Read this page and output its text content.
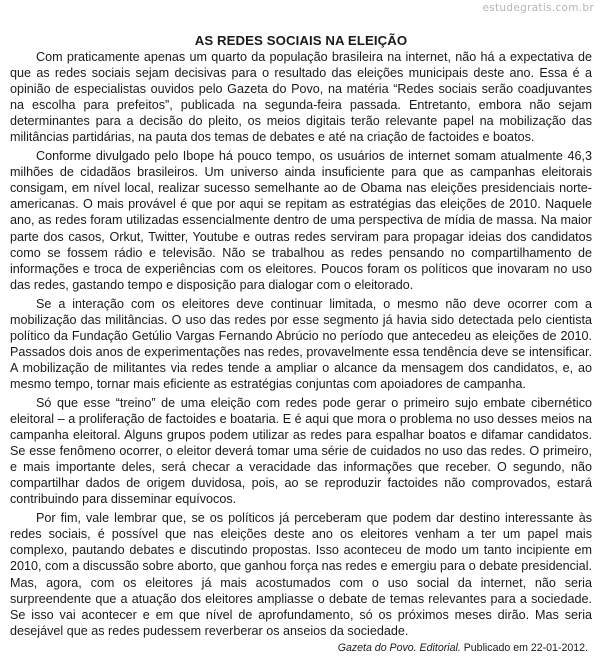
estudegratis.com.br
AS REDES SOCIAIS NA ELEIÇÃO

Com praticamente apenas um quarto da população brasileira na internet, não há a expectativa de que as redes sociais sejam decisivas para o resultado das eleições municipais deste ano. Essa é a opinião de especialistas ouvidos pelo Gazeta do Povo, na matéria “Redes sociais serão coadjuvantes na escolha para prefeitos”, publicada na segunda-feira passada. Entretanto, embora não sejam determinantes para a decisão do pleito, os meios digitais terão relevante papel na mobilização das militâncias partidárias, na pauta dos temas de debates e até na criação de factoides e boatos.

Conforme divulgado pelo Ibope há pouco tempo, os usuários de internet somam atualmente 46,3 milhões de cidadãos brasileiros. Um universo ainda insuficiente para que as campanhas eleitorais consigam, em nível local, realizar sucesso semelhante ao de Obama nas eleições presidenciais norte-americanas. O mais provável é que por aqui se repitam as estratégias das eleições de 2010. Naquele ano, as redes foram utilizadas essencialmente dentro de uma perspectiva de mídia de massa. Na maior parte dos casos, Orkut, Twitter, Youtube e outras redes serviram para propagar ideias dos candidatos como se fossem rádio e televisão. Não se trabalhou as redes pensando no compartilhamento de informações e troca de experiências com os eleitores. Poucos foram os políticos que inovaram no uso das redes, gastando tempo e disposição para dialogar com o eleitorado.

Se a interação com os eleitores deve continuar limitada, o mesmo não deve ocorrer com a mobilização das militâncias. O uso das redes por esse segmento já havia sido detectada pelo cientista político da Fundação Getúlio Vargas Fernando Abrúcio no período que antecedeu as eleições de 2010. Passados dois anos de experimentações nas redes, provavelmente essa tendência deve se intensificar. A mobilização de militantes via redes tende a ampliar o alcance da mensagem dos candidatos, e, ao mesmo tempo, tornar mais eficiente as estratégias conjuntas com apoiadores de campanha.

Só que esse “treino” de uma eleição com redes pode gerar o primeiro sujo embate cibernético eleitoral – a proliferação de factoides e boataria. E é aqui que mora o problema no uso desses meios na campanha eleitoral. Alguns grupos podem utilizar as redes para espalhar boatos e difamar candidatos. Se esse fenômeno ocorrer, o eleitor deverá tomar uma série de cuidados no uso das redes. O primeiro, e mais importante deles, será checar a veracidade das informações que receber. O segundo, não compartilhar dados de origem duvidosa, pois, ao se reproduzir factoides não comprovados, estará contribuindo para disseminar equívocos.

Por fim, vale lembrar que, se os políticos já perceberam que podem dar destino interessante às redes sociais, é possível que nas eleições deste ano os eleitores venham a ter um papel mais complexo, pautando debates e discutindo propostas. Isso aconteceu de modo um tanto incipiente em 2010, com a discussão sobre aborto, que ganhou força nas redes e emergiu para o debate presidencial. Mas, agora, com os eleitores já mais acostumados com o uso social da internet, não seria surpreendente que a atuação dos eleitores ampliasse o debate de temas relevantes para a sociedade. Se isso vai acontecer e em que nível de aprofundamento, só os próximos meses dirão. Mas seria desejável que as redes pudessem reverberar os anseios da sociedade.

Gazeta do Povo. Editorial. Publicado em 22-01-2012.
